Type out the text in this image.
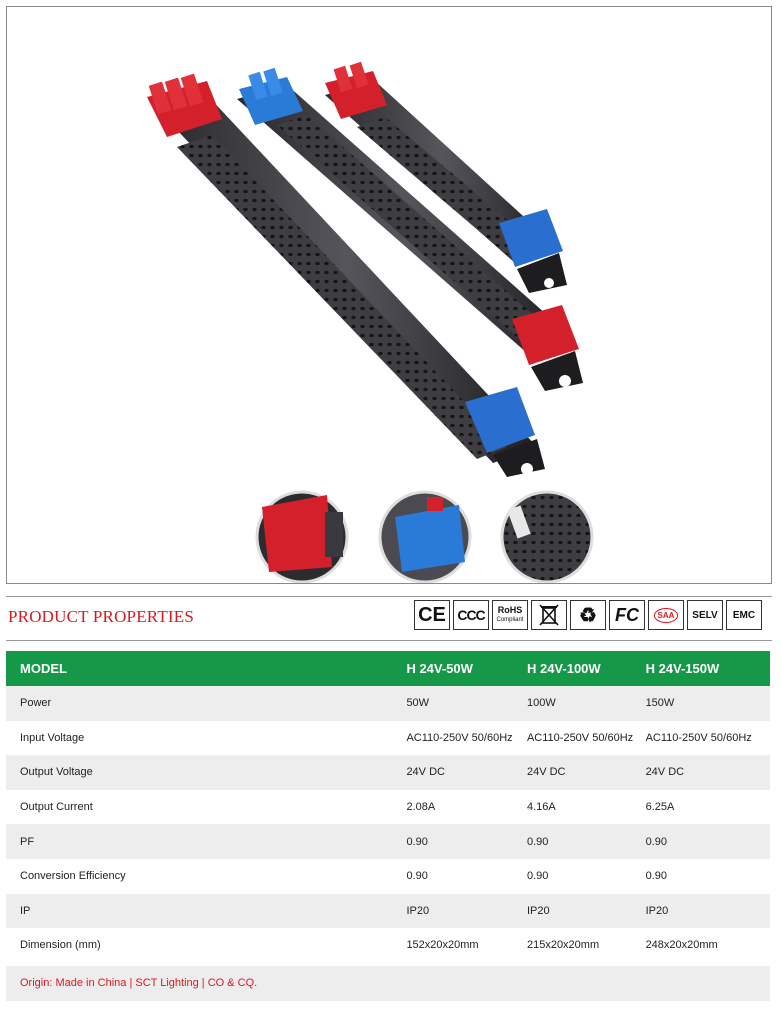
PRODUCT PROPERTIES	CE CCC RoHS
Compliant	♻ FC	SAA	SELV EMC
MODEL	H 24V-50W	H 24V-100W	H 24V-150W
Power	50W	100W	150W
Input Voltage	AC110-250V 50/60Hz	AC110-250V 50/60Hz	AC110-250V 50/60Hz
Output Voltage	24V DC	24V DC	24V DC
Output Current	2.08A	4.16A	6.25A
PF	0.90	0.90	0.90
Conversion Efficiency	0.90	0.90	0.90
IP	IP20	IP20	IP20
Dimension (mm)	152x20x20mm	215x20x20mm	248x20x20mm
Origin: Made in China | SCT Lighting | CO & CQ.
